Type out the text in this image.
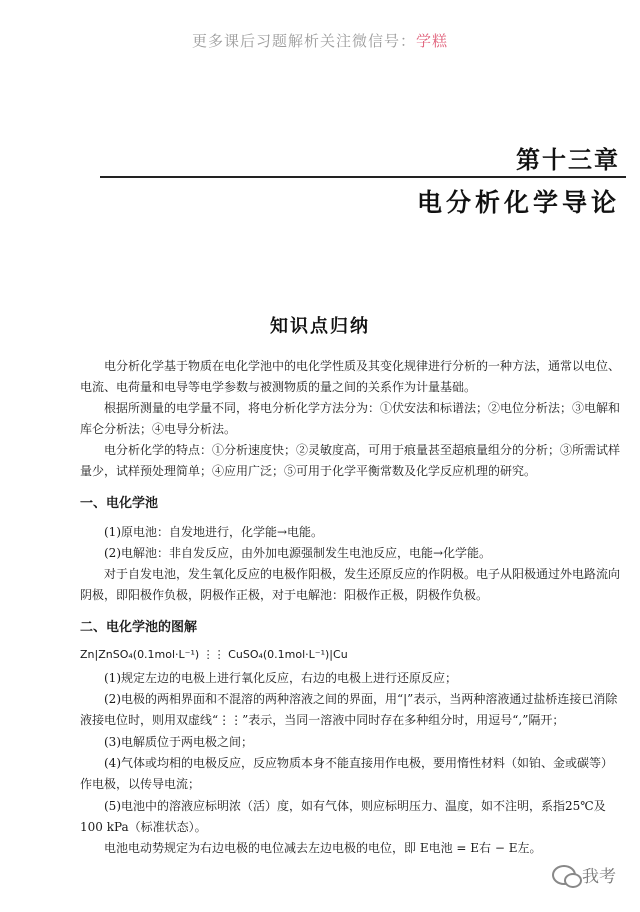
更多课后习题解析关注微信号：学糕
第十三章
电分析化学导论
知识点归纳
电分析化学基于物质在电化学池中的电化学性质及其变化规律进行分析的一种方法，通常以电位、电流、电荷量和电导等电学参数与被测物质的量之间的关系作为计量基础。
根据所测量的电学量不同，将电分析化学方法分为：①伏安法和标谱法；②电位分析法；③电解和库仑分析法；④电导分析法。
电分析化学的特点：①分析速度快；②灵敏度高，可用于痕量甚至超痕量组分的分析；③所需试样量少，试样预处理简单；④应用广泛；⑤可用于化学平衡常数及化学反应机理的研究。
一、电化学池
(1)原电池：自发地进行，化学能→电能。
(2)电解池：非自发反应，由外加电源强制发生电池反应，电能→化学能。
对于自发电池，发生氧化反应的电极作阳极，发生还原反应的作阴极。电子从阳极通过外电路流向阴极，即阳极作负极，阴极作正极，对于电解池：阳极作正极，阴极作负极。
二、电化学池的图解
Zn|ZnSO₄(0.1mol·L⁻¹) ⋮⋮ CuSO₄(0.1mol·L⁻¹)|Cu
(1)规定左边的电极上进行氧化反应，右边的电极上进行还原反应；
(2)电极的两相界面和不混溶的两种溶液之间的界面，用“|”表示，当两种溶液通过盐桥连接已消除液接电位时，则用双虚线“⋮⋮”表示，当同一溶液中同时存在多种组分时，用逗号“,”隔开；
(3)电解质位于两电极之间；
(4)气体或均相的电极反应，反应物质本身不能直接用作电极，要用惰性材料（如铂、金或碳等）作电极，以传导电流；
(5)电池中的溶液应标明浓（活）度，如有气体，则应标明压力、温度，如不注明，系指25℃及100 kPa（标准状态）。
电池电动势规定为右边电极的电位减去左边电极的电位，即 E电池 = E右 − E左。
我考
